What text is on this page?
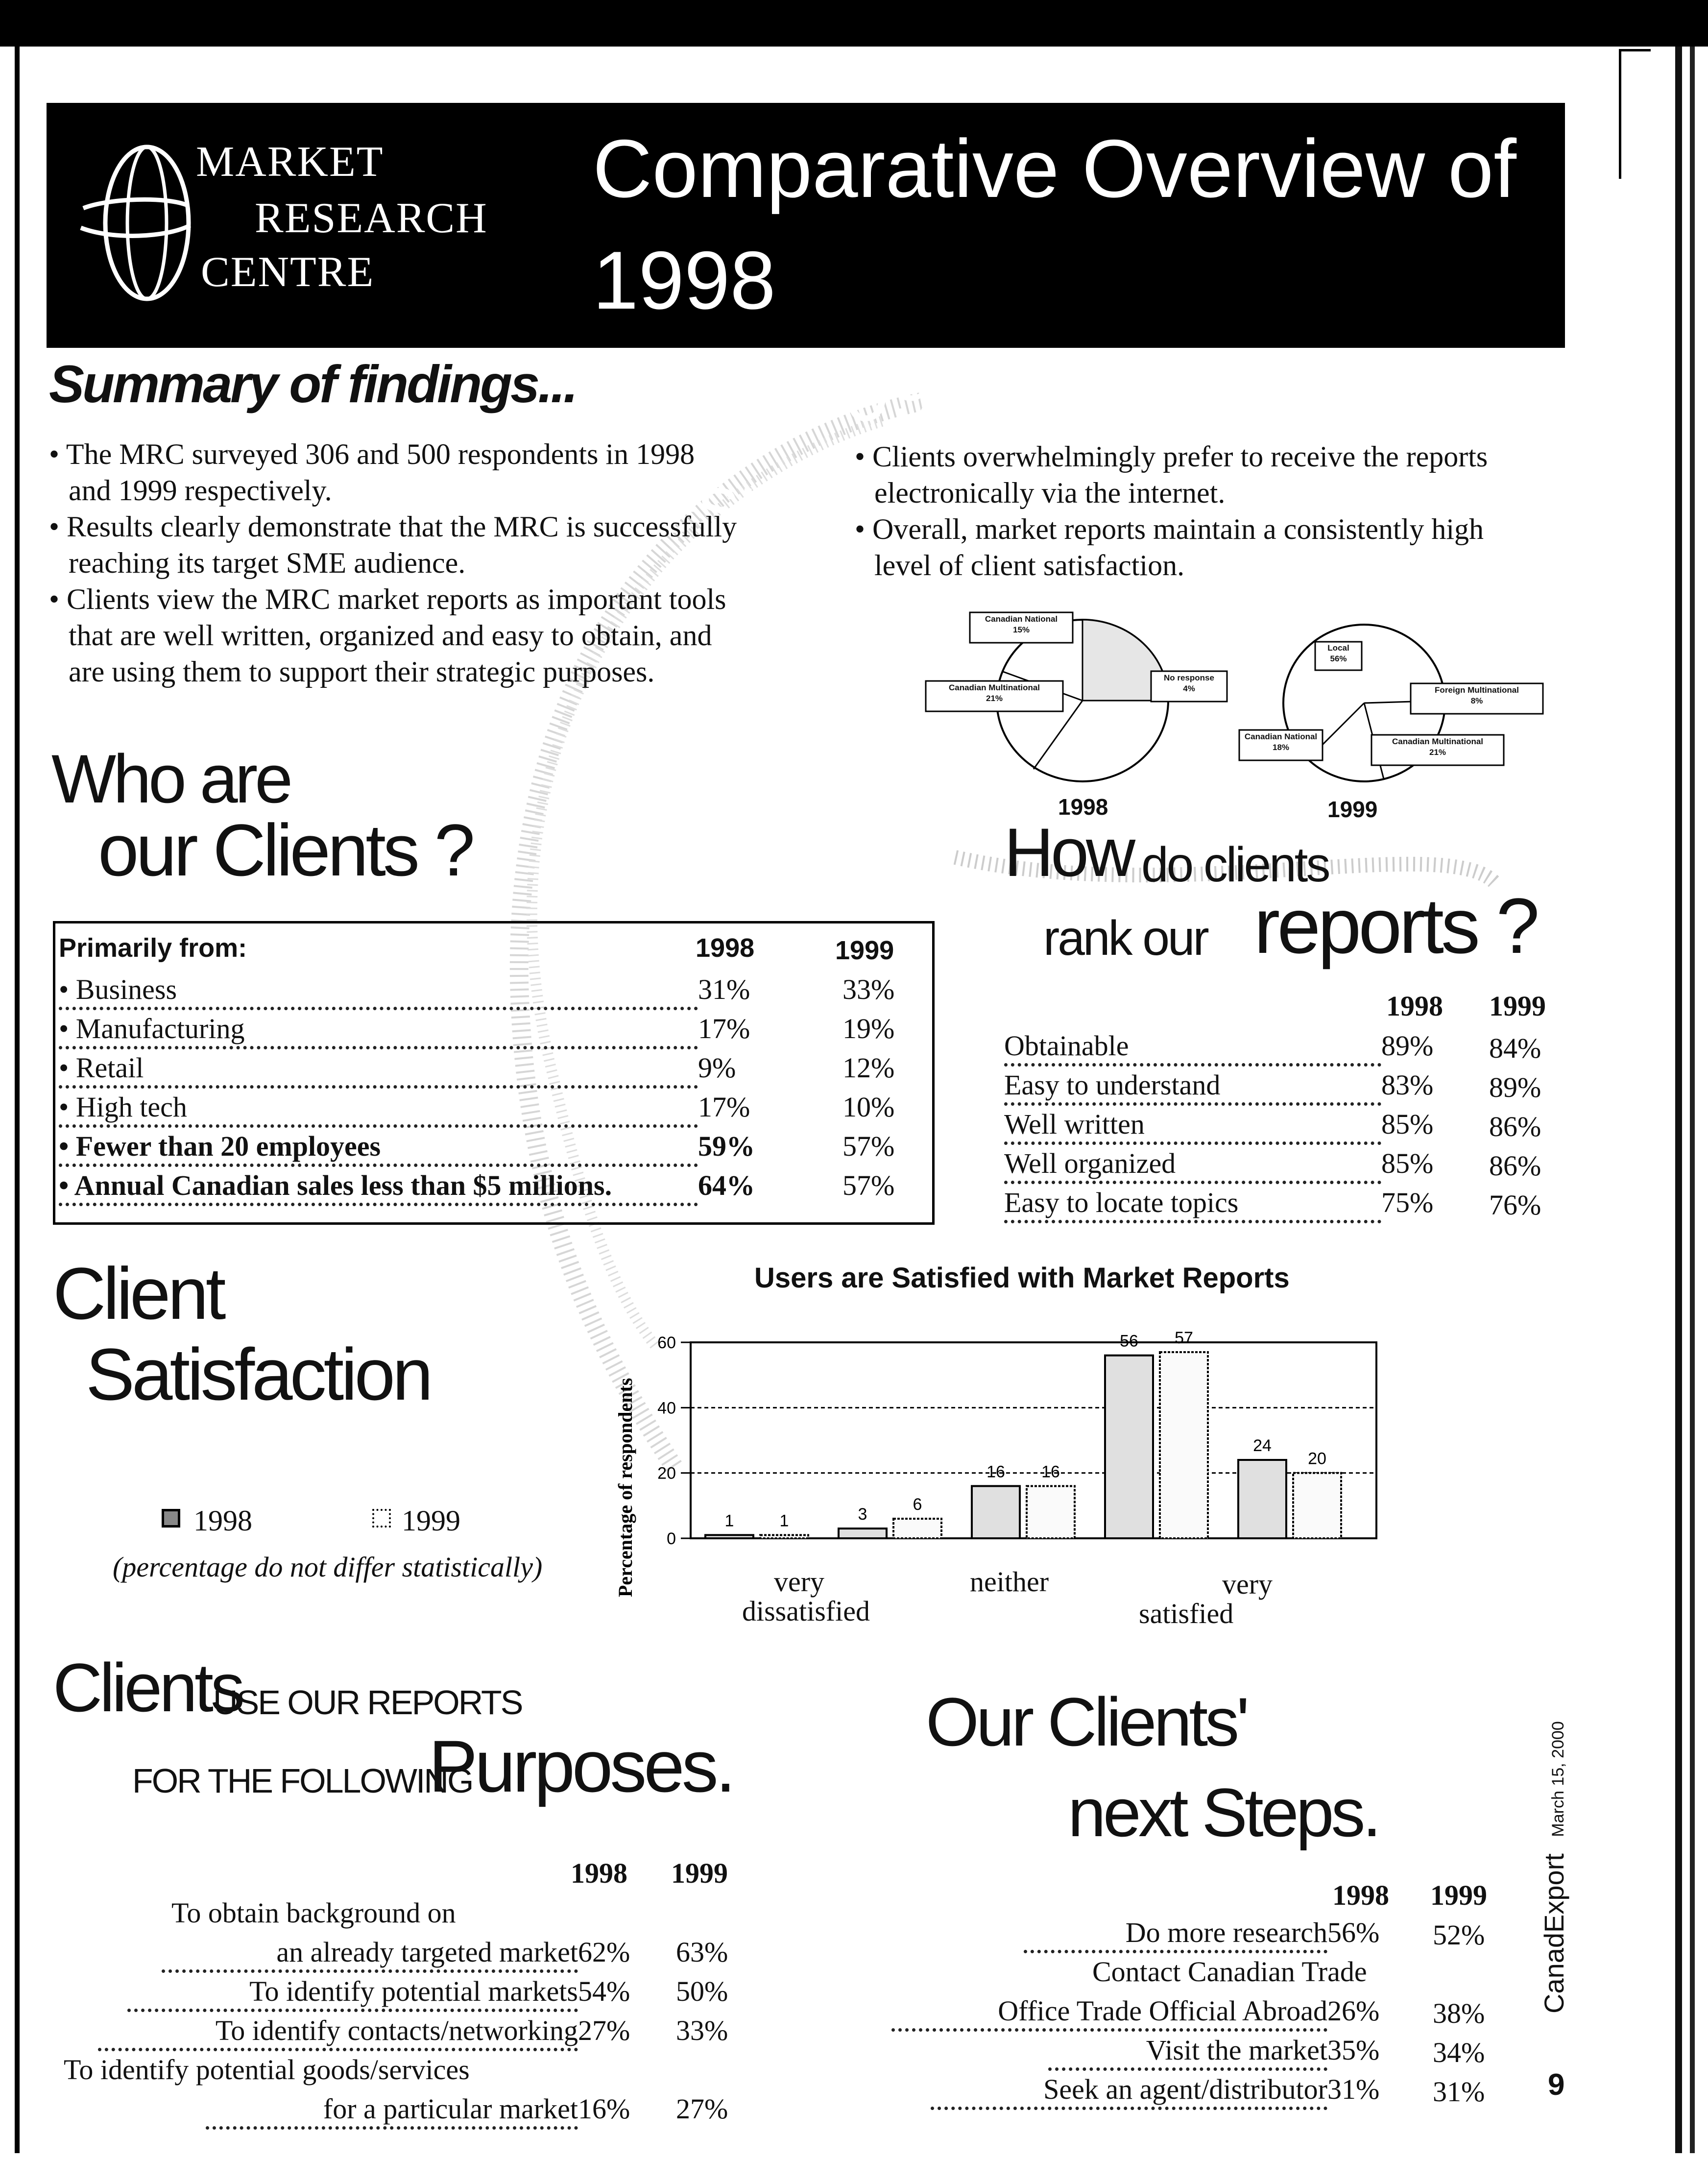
MARKET
RESEARCH
CENTRE
Comparative Overview of 1998
and 1999 Client Survey Results
Summary of findings...
• The MRC surveyed 306 and 500 respondents in 1998
and 1999 respectively.
• Results clearly demonstrate that the MRC is successfully
reaching its target SME audience.
• Clients view the MRC market reports as important tools
that are well written, organized and easy to obtain, and
are using them to support their strategic purposes.
• Clients overwhelmingly prefer to receive the reports
electronically via the internet.
• Overall, market reports maintain a consistently high
level of client satisfaction.
Canadian National
15%
Canadian Multinational
21%
No response
4%
Local
56%
Foreign Multinational
8%
Canadian National
18%
Canadian Multinational
21%
1998	1999
Who are
our Clients ?
Primarily from:	1998	1999
• Business	31%	33%
• Manufacturing	17%	19%
• Retail	9%	12%
• High tech	17%	10%
• Fewer than 20 employees	59%	57%
• Annual Canadian sales less than $5 millions.	64%	57%
How do clients
rank our reports ?
1998 1999
Obtainable	89% 84%
Easy to understand	83% 89%
Well written	85% 86%
Well organized	85% 86%
Easy to locate topics	75% 76%
Client
Satisfaction
1998	1999
(percentage do not differ statistically)
Users are Satisfied with Market Reports
1	1	3
6
16 16
56 57
24
20
0
20
40
60
Percentage of respondents	very
dissatisfied
neither	very
satisfied
Clients
USE OUR REPORTS
FOR THE FOLLOWING
Purposes.
1998 1999
To obtain background on
an already targeted market62% 63%
To identify potential markets54% 50%
To identify contacts/networking27% 33%
To identify potential goods/services
for a particular market16% 27%
Our Clients'
next Steps.
1998 1999
Do more research56% 52%
Contact Canadian Trade
Office Trade Official Abroad26% 38%
Visit the market35% 34%
Seek an agent/distributor31% 31%
CanadExport March 15, 2000
9
